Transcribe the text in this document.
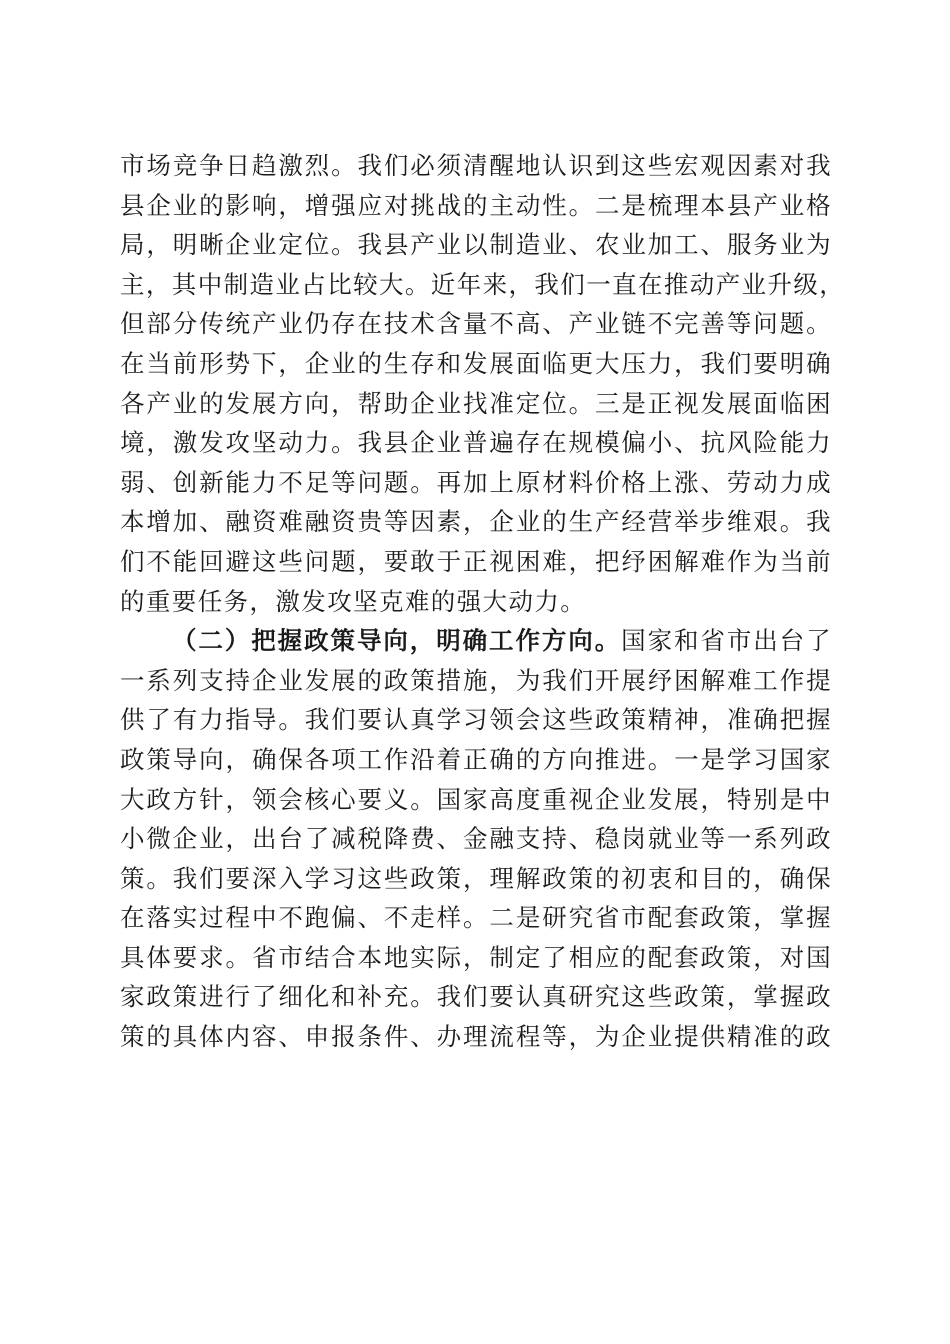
市场竞争日趋激烈。我们必须清醒地认识到这些宏观因素对我
县企业的影响，增强应对挑战的主动性。二是梳理本县产业格
局，明晰企业定位。我县产业以制造业、农业加工、服务业为
主，其中制造业占比较大。近年来，我们一直在推动产业升级，
但部分传统产业仍存在技术含量不高、产业链不完善等问题。
在当前形势下，企业的生存和发展面临更大压力，我们要明确
各产业的发展方向，帮助企业找准定位。三是正视发展面临困
境，激发攻坚动力。我县企业普遍存在规模偏小、抗风险能力
弱、创新能力不足等问题。再加上原材料价格上涨、劳动力成
本增加、融资难融资贵等因素，企业的生产经营举步维艰。我
们不能回避这些问题，要敢于正视困难，把纾困解难作为当前
的重要任务，激发攻坚克难的强大动力。

（二）把握政策导向，明确工作方向。国家和省市出台了
一系列支持企业发展的政策措施，为我们开展纾困解难工作提
供了有力指导。我们要认真学习领会这些政策精神，准确把握
政策导向，确保各项工作沿着正确的方向推进。一是学习国家
大政方针，领会核心要义。国家高度重视企业发展，特别是中
小微企业，出台了减税降费、金融支持、稳岗就业等一系列政
策。我们要深入学习这些政策，理解政策的初衷和目的，确保
在落实过程中不跑偏、不走样。二是研究省市配套政策，掌握
具体要求。省市结合本地实际，制定了相应的配套政策，对国
家政策进行了细化和补充。我们要认真研究这些政策，掌握政
策的具体内容、申报条件、办理流程等，为企业提供精准的政
